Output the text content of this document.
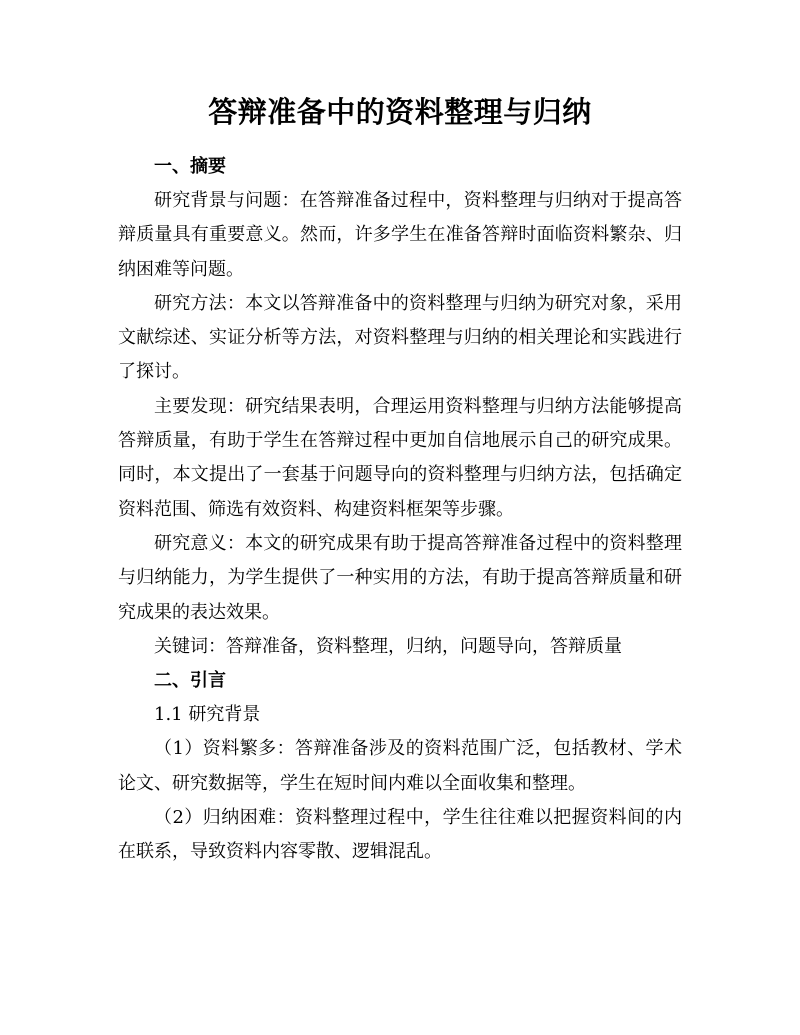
答辩准备中的资料整理与归纳
一、摘要

研究背景与问题：在答辩准备过程中，资料整理与归纳对于提高答辩质量具有重要意义。然而，许多学生在准备答辩时面临资料繁杂、归纳困难等问题。

研究方法：本文以答辩准备中的资料整理与归纳为研究对象，采用文献综述、实证分析等方法，对资料整理与归纳的相关理论和实践进行了探讨。

主要发现：研究结果表明，合理运用资料整理与归纳方法能够提高答辩质量，有助于学生在答辩过程中更加自信地展示自己的研究成果。同时，本文提出了一套基于问题导向的资料整理与归纳方法，包括确定资料范围、筛选有效资料、构建资料框架等步骤。

研究意义：本文的研究成果有助于提高答辩准备过程中的资料整理与归纳能力，为学生提供了一种实用的方法，有助于提高答辩质量和研究成果的表达效果。

关键词：答辩准备，资料整理，归纳，问题导向，答辩质量

二、引言
1.1 研究背景

（1）资料繁多：答辩准备涉及的资料范围广泛，包括教材、学术论文、研究数据等，学生在短时间内难以全面收集和整理。

（2）归纳困难：资料整理过程中，学生往往难以把握资料间的内在联系，导致资料内容零散、逻辑混乱。
